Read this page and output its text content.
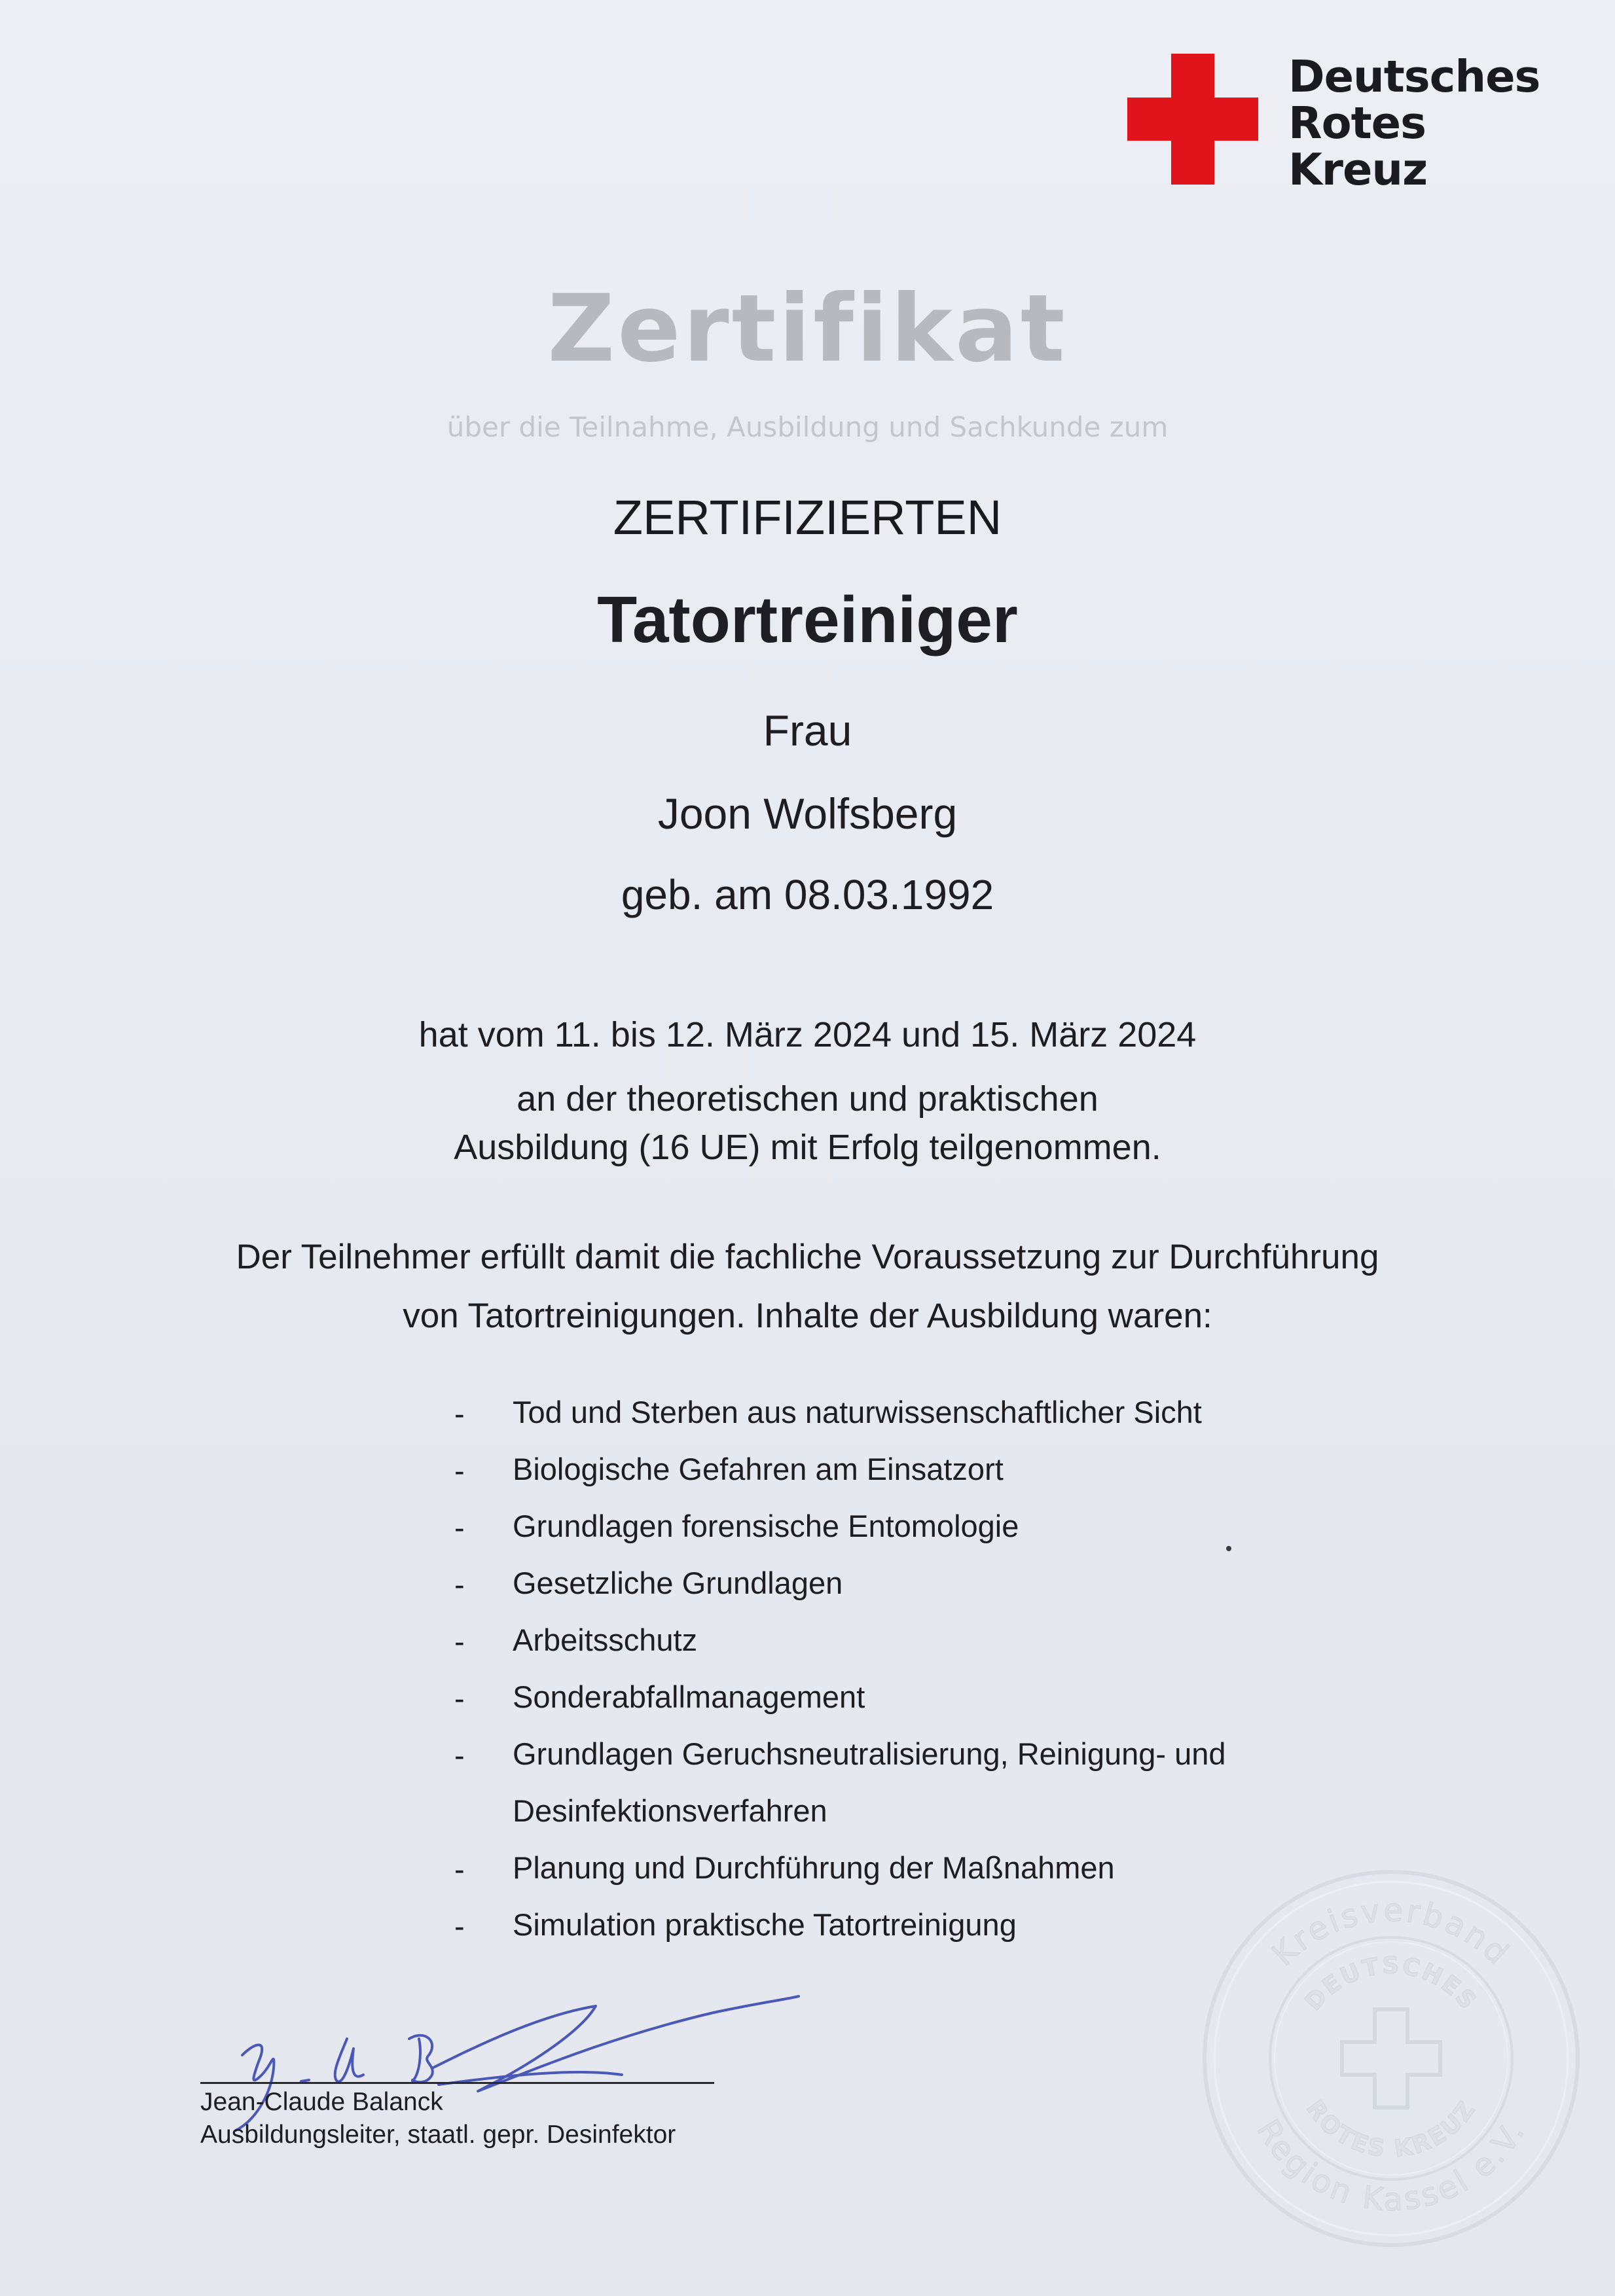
Deutsches
Rotes
Kreuz
Zertifikat
über die Teilnahme, Ausbildung und Sachkunde zum
ZERTIFIZIERTEN
Tatortreiniger
Frau
Joon Wolfsberg
geb. am 08.03.1992
hat vom 11. bis 12. März 2024 und 15. März 2024
an der theoretischen und praktischen
Ausbildung (16 UE) mit Erfolg teilgenommen.
Der Teilnehmer erfüllt damit die fachliche Voraussetzung zur Durchführung
von Tatortreinigungen. Inhalte der Ausbildung waren:
- Tod und Sterben aus naturwissenschaftlicher Sicht
- Biologische Gefahren am Einsatzort
- Grundlagen forensische Entomologie
- Gesetzliche Grundlagen
- Arbeitsschutz
- Sonderabfallmanagement
- Grundlagen Geruchsneutralisierung, Reinigung- und Desinfektionsverfahren
- Planung und Durchführung der Maßnahmen
- Simulation praktische Tatortreinigung
Jean-Claude Balanck
Ausbildungsleiter, staatl. gepr. Desinfektor
Kreisverband
Region Kassel e.V.
DEUTSCHES
ROTES KREUZ
